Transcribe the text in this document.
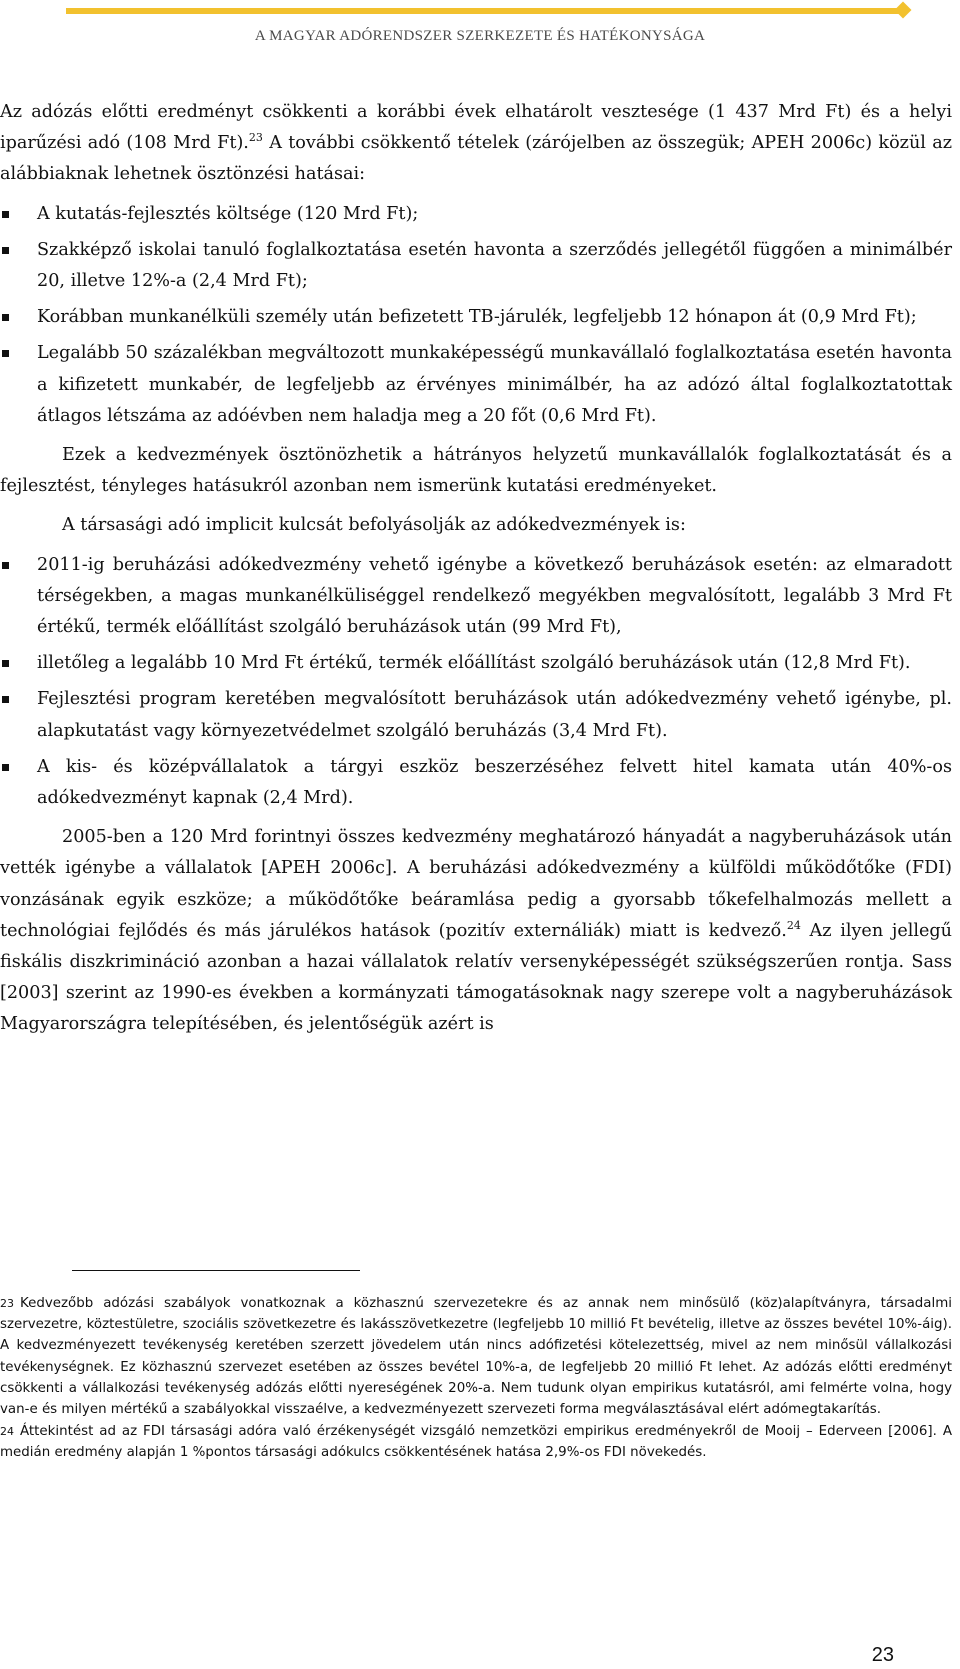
A MAGYAR ADÓRENDSZER SZERKEZETE ÉS HATÉKONYSÁGA

Az adózás előtti eredményt csökkenti a korábbi évek elhatárolt vesztesége (1 437 Mrd Ft) és a helyi iparűzési adó (108 Mrd Ft).$^{23}$ A további csökkentő tételek (zárójelben az összegük; APEH 2006c) közül az alábbiaknak lehetnek ösztönzési hatásai:

A kutatás-fejlesztés költsége (120 Mrd Ft);
Szakképző iskolai tanuló foglalkoztatása esetén havonta a szerződés jellegétől függően a minimálbér 20, illetve 12%-a (2,4 Mrd Ft);
Korábban munkanélküli személy után befizetett TB-járulék, legfeljebb 12 hónapon át (0,9 Mrd Ft);
Legalább 50 százalékban megváltozott munkaképességű munkavállaló foglalkoztatása esetén havonta a kifizetett munkabér, de legfeljebb az érvényes minimálbér, ha az adózó által foglalkoztatottak átlagos létszáma az adóévben nem haladja meg a 20 főt (0,6 Mrd Ft).

Ezek a kedvezmények ösztönözhetik a hátrányos helyzetű munkavállalók foglalkoztatását és a fejlesztést, tényleges hatásukról azonban nem ismerünk kutatási eredményeket.

A társasági adó implicit kulcsát befolyásolják az adókedvezmények is:

2011-ig beruházási adókedvezmény vehető igénybe a következő beruházások esetén: az elmaradott térségekben, a magas munkanélküliséggel rendelkező megyékben megvalósított, legalább 3 Mrd Ft értékű, termék előállítást szolgáló beruházások után (99 Mrd Ft),
illetőleg a legalább 10 Mrd Ft értékű, termék előállítást szolgáló beruházások után (12,8 Mrd Ft).
Fejlesztési program keretében megvalósított beruházások után adókedvezmény vehető igénybe, pl. alapkutatást vagy környezetvédelmet szolgáló beruházás (3,4 Mrd Ft).
A kis- és középvállalatok a tárgyi eszköz beszerzéséhez felvett hitel kamata után 40%-os adókedvezményt kapnak (2,4 Mrd).

2005-ben a 120 Mrd forintnyi összes kedvezmény meghatározó hányadát a nagyberuházások után vették igénybe a vállalatok [APEH 2006c]. A beruházási adókedvezmény a külföldi működőtőke (FDI) vonzásának egyik eszköze; a működőtőke beáramlása pedig a gyorsabb tőkefelhalmozás mellett a technológiai fejlődés és más járulékos hatások (pozitív externáliák) miatt is kedvező.$^{24}$ Az ilyen jellegű fiskális diszkrimináció azonban a hazai vállalatok relatív versenyképességét szükségszerűen rontja. Sass [2003] szerint az 1990-es években a kormányzati támogatásoknak nagy szerepe volt a nagyberuházások Magyarországra telepítésében, és jelentőségük azért is

23 Kedvezőbb adózási szabályok vonatkoznak a közhasznú szervezetekre és az annak nem minősülő (köz)alapítványra, társadalmi szervezetre, köztestületre, szociális szövetkezetre és lakásszövetkezetre (legfeljebb 10 millió Ft bevételig, illetve az összes bevétel 10%-áig). A kedvezményezett tevékenység keretében szerzett jövedelem után nincs adófizetési kötelezettség, mivel az nem minősül vállalkozási tevékenységnek. Ez közhasznú szervezet esetében az összes bevétel 10%-a, de legfeljebb 20 millió Ft lehet. Az adózás előtti eredményt csökkenti a vállalkozási tevékenység adózás előtti nyereségének 20%-a. Nem tudunk olyan empirikus kutatásról, ami felmérte volna, hogy van-e és milyen mértékű a szabályokkal visszaélve, a kedvezményezett szervezeti forma megválasztásával elért adómegtakarítás.
24 Áttekintést ad az FDI társasági adóra való érzékenységét vizsgáló nemzetközi empirikus eredményekről de Mooij – Ederveen [2006]. A medián eredmény alapján 1 %pontos társasági adókulcs csökkentésének hatása 2,9%-os FDI növekedés.
23
